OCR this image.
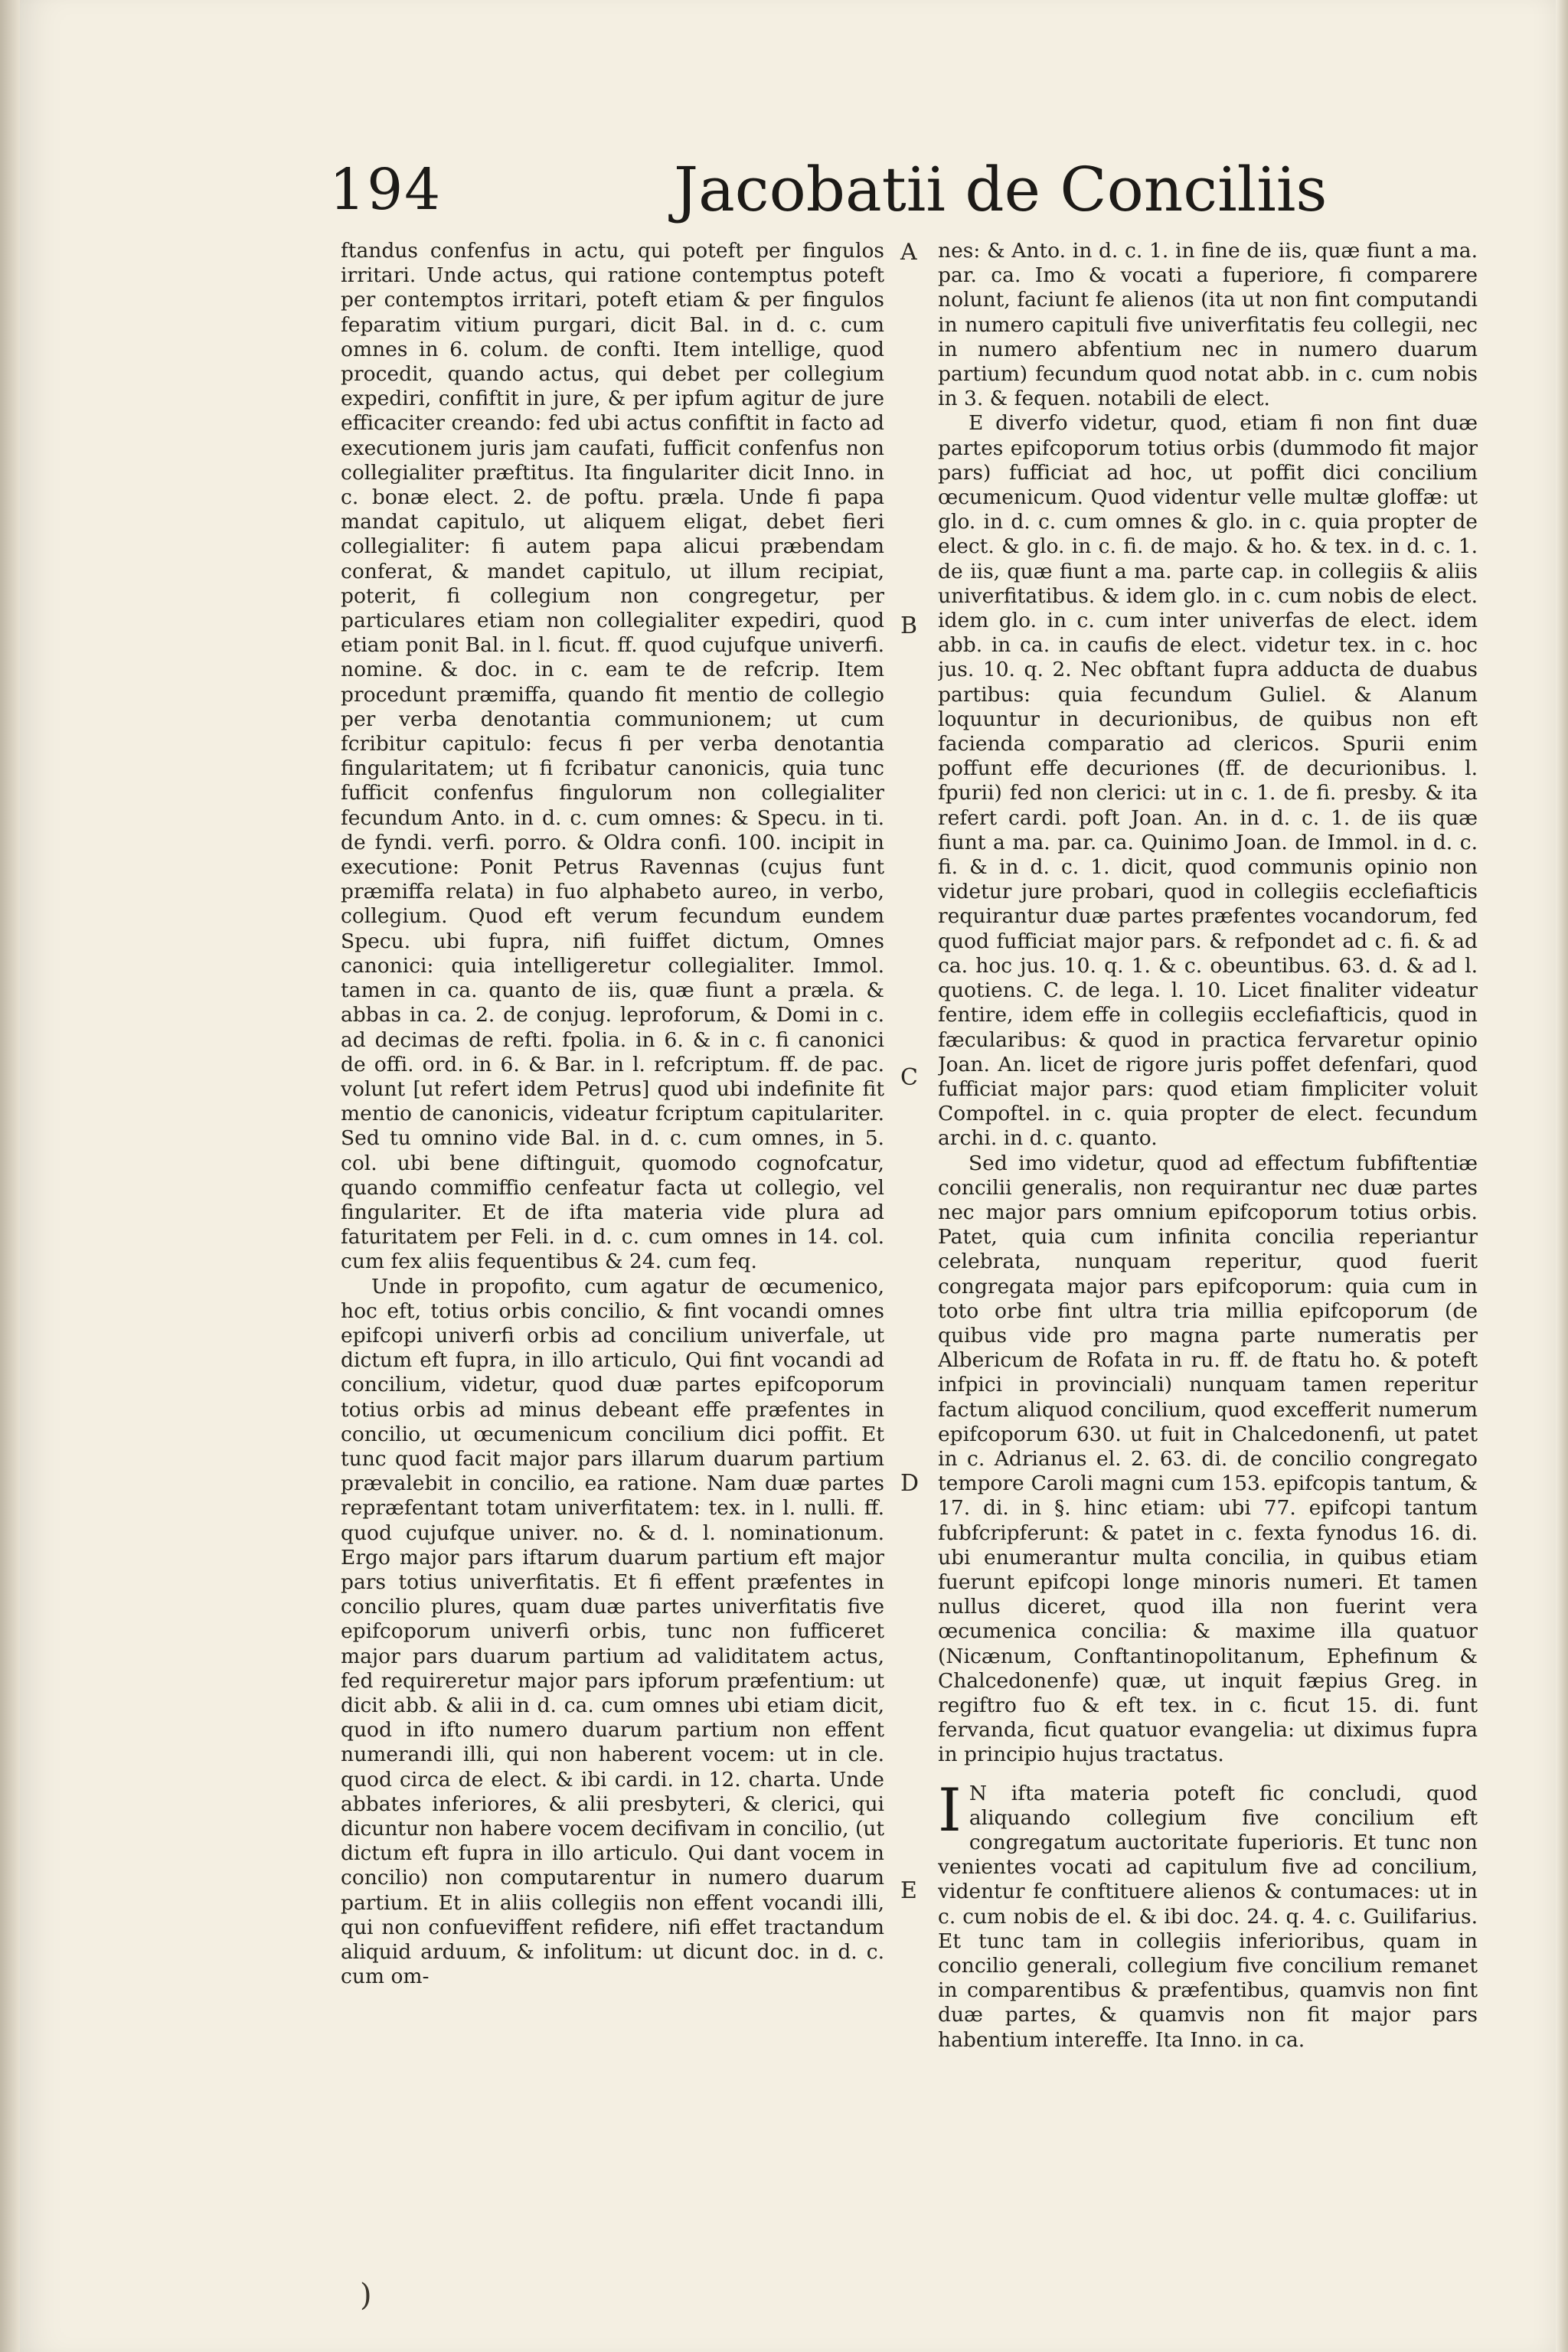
194	Jacobatii de Conciliis

ftandus confenfus in actu, qui poteft per fingulos irritari. Unde actus, qui ratione contemptus poteft per contemptos irritari, poteft etiam & per fingulos feparatim vitium purgari, dicit Bal. in d. c. cum omnes in 6. colum. de confti. Item intellige, quod procedit, quando actus, qui debet per collegium expediri, confiftit in jure, & per ipfum agitur de jure efficaciter creando: fed ubi actus confiftit in facto ad executionem juris jam caufati, fufficit confenfus non collegialiter præftitus. Ita fingulariter dicit Inno. in c. bonæ elect. 2. de poftu. præla. Unde fi papa mandat capitulo, ut aliquem eligat, debet fieri collegialiter: fi autem papa alicui præbendam conferat, & mandet capitulo, ut illum recipiat, poterit, fi collegium non congregetur, per particulares etiam non collegialiter expediri, quod etiam ponit Bal. in l. ficut. ff. quod cujufque univerfi. nomine. & doc. in c. eam te de refcrip. Item procedunt præmiffa, quando fit mentio de collegio per verba denotantia communionem; ut cum fcribitur capitulo: fecus fi per verba denotantia fingularitatem; ut fi fcribatur canonicis, quia tunc fufficit confenfus fingulorum non collegialiter fecundum Anto. in d. c. cum omnes: & Specu. in ti. de fyndi. verfi. porro. & Oldra confi. 100. incipit in executione: Ponit Petrus Ravennas (cujus funt præmiffa relata) in fuo alphabeto aureo, in verbo, collegium. Quod eft verum fecundum eundem Specu. ubi fupra, nifi fuiffet dictum, Omnes canonici: quia intelligeretur collegialiter. Immol. tamen in ca. quanto de iis, quæ fiunt a præla. & abbas in ca. 2. de conjug. leproforum, & Domi in c. ad decimas de refti. fpolia. in 6. & in c. fi canonici de offi. ord. in 6. & Bar. in l. refcriptum. ff. de pac. volunt [ut refert idem Petrus] quod ubi indefinite fit mentio de canonicis, videatur fcriptum capitulariter. Sed tu omnino vide Bal. in d. c. cum omnes, in 5. col. ubi bene diftinguit, quomodo cognofcatur, quando commiffio cenfeatur facta ut collegio, vel fingulariter. Et de ifta materia vide plura ad faturitatem per Feli. in d. c. cum omnes in 14. col. cum fex aliis fequentibus & 24. cum feq.

Unde in propofito, cum agatur de œcumenico, hoc eft, totius orbis concilio, & fint vocandi omnes epifcopi univerfi orbis ad concilium univerfale, ut dictum eft fupra, in illo articulo, Qui fint vocandi ad concilium, videtur, quod duæ partes epifcoporum totius orbis ad minus debeant effe præfentes in concilio, ut œcumenicum concilium dici poffit. Et tunc quod facit major pars illarum duarum partium prævalebit in concilio, ea ratione. Nam duæ partes repræfentant totam univerfitatem: tex. in l. nulli. ff. quod cujufque univer. no. & d. l. nominationum. Ergo major pars iftarum duarum partium eft major pars totius univerfitatis. Et fi effent præfentes in concilio plures, quam duæ partes univerfitatis five epifcoporum univerfi orbis, tunc non fufficeret major pars duarum partium ad validitatem actus, fed requireretur major pars ipforum præfentium: ut dicit abb. & alii in d. ca. cum omnes ubi etiam dicit, quod in ifto numero duarum partium non effent numerandi illi, qui non haberent vocem: ut in cle. quod circa de elect. & ibi cardi. in 12. charta. Unde abbates inferiores, & alii presbyteri, & clerici, qui dicuntur non habere vocem decifivam in concilio, (ut dictum eft fupra in illo articulo. Qui dant vocem in concilio) non computarentur in numero duarum partium. Et in aliis collegiis non effent vocandi illi, qui non confueviffent refidere, nifi effet tractandum aliquid arduum, & infolitum: ut dicunt doc. in d. c. cum om-

A
B
C
D
E

nes: & Anto. in d. c. 1. in fine de iis, quæ fiunt a ma. par. ca. Imo & vocati a fuperiore, fi comparere nolunt, faciunt fe alienos (ita ut non fint computandi in numero capituli five univerfitatis feu collegii, nec in numero abfentium nec in numero duarum partium) fecundum quod notat abb. in c. cum nobis in 3. & fequen. notabili de elect.

E diverfo videtur, quod, etiam fi non fint duæ partes epifcoporum totius orbis (dummodo fit major pars) fufficiat ad hoc, ut poffit dici concilium œcumenicum. Quod videntur velle multæ gloffæ: ut glo. in d. c. cum omnes & glo. in c. quia propter de elect. & glo. in c. fi. de majo. & ho. & tex. in d. c. 1. de iis, quæ fiunt a ma. parte cap. in collegiis & aliis univerfitatibus. & idem glo. in c. cum nobis de elect. idem glo. in c. cum inter univerfas de elect. idem abb. in ca. in caufis de elect. videtur tex. in c. hoc jus. 10. q. 2. Nec obftant fupra adducta de duabus partibus: quia fecundum Guliel. & Alanum loquuntur in decurionibus, de quibus non eft facienda comparatio ad clericos. Spurii enim poffunt effe decuriones (ff. de decurionibus. l. fpurii) fed non clerici: ut in c. 1. de fi. presby. & ita refert cardi. poft Joan. An. in d. c. 1. de iis quæ fiunt a ma. par. ca. Quinimo Joan. de Immol. in d. c. fi. & in d. c. 1. dicit, quod communis opinio non videtur jure probari, quod in collegiis ecclefiafticis requirantur duæ partes præfentes vocandorum, fed quod fufficiat major pars. & refpondet ad c. fi. & ad ca. hoc jus. 10. q. 1. & c. obeuntibus. 63. d. & ad l. quotiens. C. de lega. l. 10. Licet finaliter videatur fentire, idem effe in collegiis ecclefiafticis, quod in fæcularibus: & quod in practica fervaretur opinio Joan. An. licet de rigore juris poffet defenfari, quod fufficiat major pars: quod etiam fimpliciter voluit Compoftel. in c. quia propter de elect. fecundum archi. in d. c. quanto.

Sed imo videtur, quod ad effectum fubfiftentiæ concilii generalis, non requirantur nec duæ partes nec major pars omnium epifcoporum totius orbis. Patet, quia cum infinita concilia reperiantur celebrata, nunquam reperitur, quod fuerit congregata major pars epifcoporum: quia cum in toto orbe fint ultra tria millia epifcoporum (de quibus vide pro magna parte numeratis per Albericum de Rofata in ru. ff. de ftatu ho. & poteft infpici in provinciali) nunquam tamen reperitur factum aliquod concilium, quod excefferit numerum epifcoporum 630. ut fuit in Chalcedonenfi, ut patet in c. Adrianus el. 2. 63. di. de concilio congregato tempore Caroli magni cum 153. epifcopis tantum, & 17. di. in §. hinc etiam: ubi 77. epifcopi tantum fubfcripferunt: & patet in c. fexta fynodus 16. di. ubi enumerantur multa concilia, in quibus etiam fuerunt epifcopi longe minoris numeri. Et tamen nullus diceret, quod illa non fuerint vera œcumenica concilia: & maxime illa quatuor (Nicænum, Conftantinopolitanum, Ephefinum & Chalcedonenfe) quæ, ut inquit fæpius Greg. in regiftro fuo & eft tex. in c. ficut 15. di. funt fervanda, ficut quatuor evangelia: ut diximus fupra in principio hujus tractatus.

I N ifta materia poteft fic concludi, quod aliquando collegium five concilium eft congregatum auctoritate fuperioris. Et tunc non venientes vocati ad capitulum five ad concilium, videntur fe conftituere alienos & contumaces: ut in c. cum nobis de el. & ibi doc. 24. q. 4. c. Guilifarius. Et tunc tam in collegiis inferioribus, quam in concilio generali, collegium five concilium remanet in comparentibus & præfentibus, quamvis non fint duæ partes, & quamvis non fit major pars habentium intereffe. Ita Inno. in ca.

)
